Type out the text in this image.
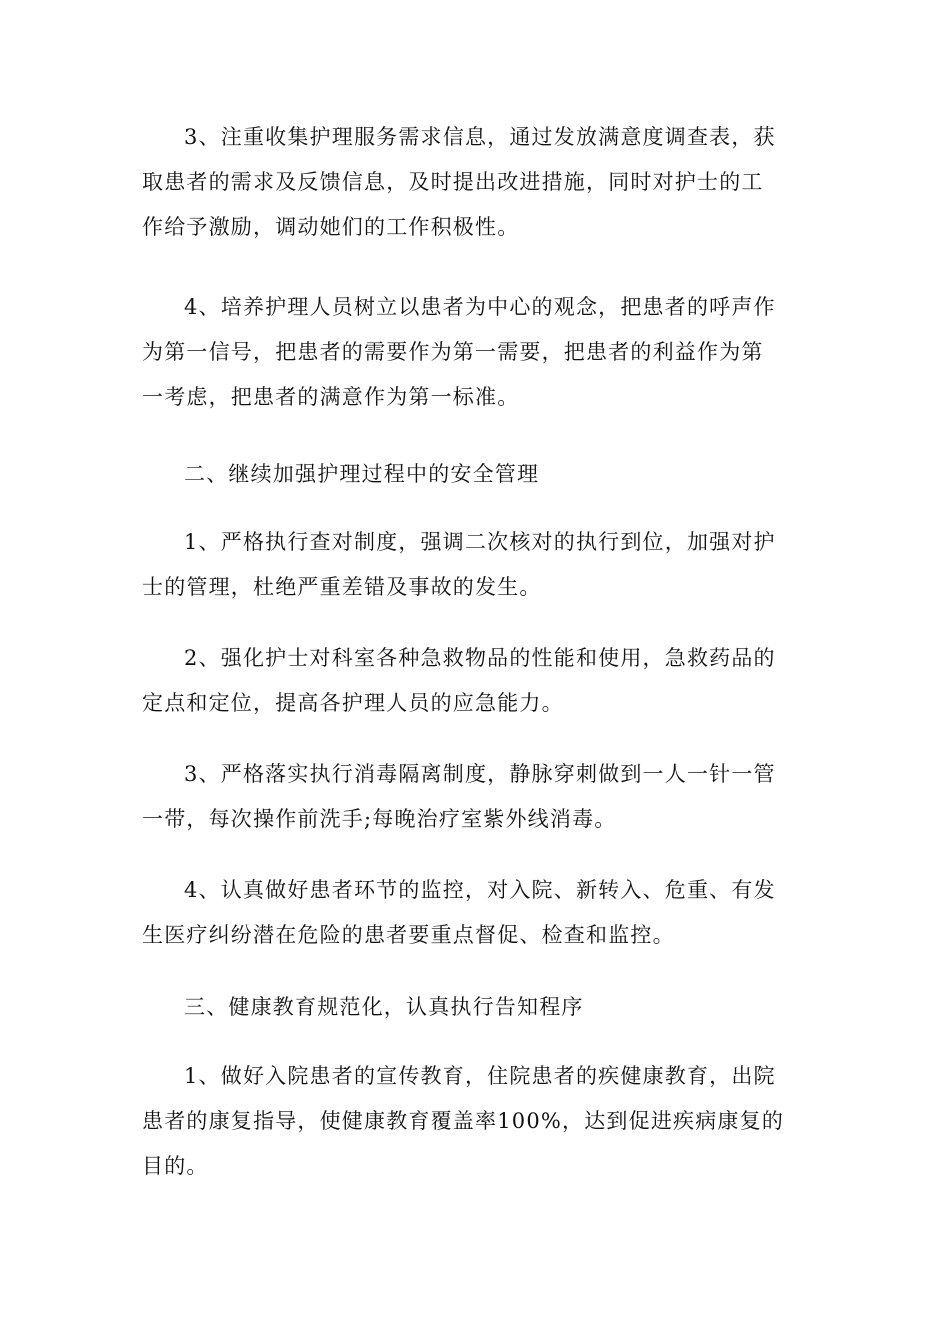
3、注重收集护理服务需求信息，通过发放满意度调查表，获
取患者的需求及反馈信息，及时提出改进措施，同时对护士的工
作给予激励，调动她们的工作积极性。

4、培养护理人员树立以患者为中心的观念，把患者的呼声作
为第一信号，把患者的需要作为第一需要，把患者的利益作为第
一考虑，把患者的满意作为第一标准。

二、继续加强护理过程中的安全管理

1、严格执行查对制度，强调二次核对的执行到位，加强对护
士的管理，杜绝严重差错及事故的发生。

2、强化护士对科室各种急救物品的性能和使用，急救药品的
定点和定位，提高各护理人员的应急能力。

3、严格落实执行消毒隔离制度，静脉穿刺做到一人一针一管
一带，每次操作前洗手;每晚治疗室紫外线消毒。

4、认真做好患者环节的监控，对入院、新转入、危重、有发
生医疗纠纷潜在危险的患者要重点督促、检查和监控。

三、健康教育规范化，认真执行告知程序

1、做好入院患者的宣传教育，住院患者的疾健康教育，出院
患者的康复指导，使健康教育覆盖率100%，达到促进疾病康复的
目的。
